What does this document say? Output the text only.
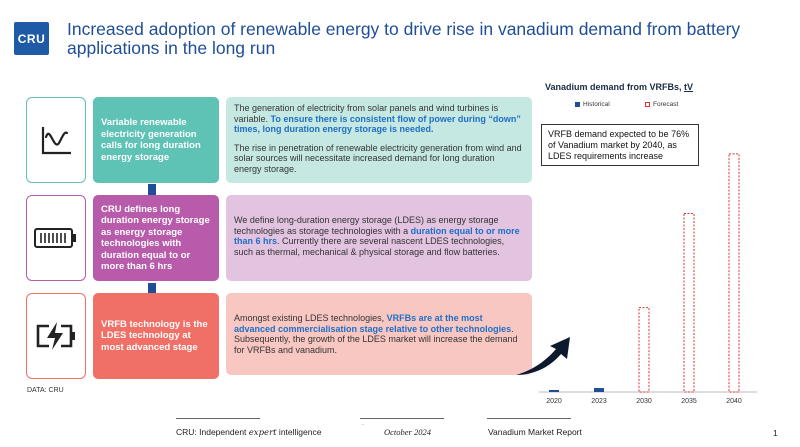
CRU Increased adoption of renewable energy to drive rise in vanadium demand from battery applications in the long run
Variable renewable electricity generation calls for long duration energy storage

The generation of electricity from solar panels and wind turbines is variable. To ensure there is consistent flow of power during “down” times, long duration energy storage is needed.

The rise in penetration of renewable electricity generation from wind and solar sources will necessitate increased demand for long duration energy storage.

CRU defines long duration energy storage as energy storage technologies with duration equal to or more than 6 hrs

We define long-duration energy storage (LDES) as energy storage technologies as storage technologies with a duration equal to or more than 6 hrs. Currently there are several nascent LDES technologies, such as thermal, mechanical & physical storage and flow batteries.

VRFB technology is the LDES technology at most advanced stage

Amongst existing LDES technologies, VRFBs are at the most advanced commercialisation stage relative to other technologies. Subsequently, the growth of the LDES market will increase the demand for VRFBs and vanadium.

Vanadium demand from VRFBs, tV
Historical	Forecast
2020	2023	2030	2035	2040
VRFB demand expected to be 76% of Vanadium market by 2040, as LDES requirements increase
DATA: CRU
.
CRU: Independent expert intelligence	October 2024	Vanadium Market Report	1
